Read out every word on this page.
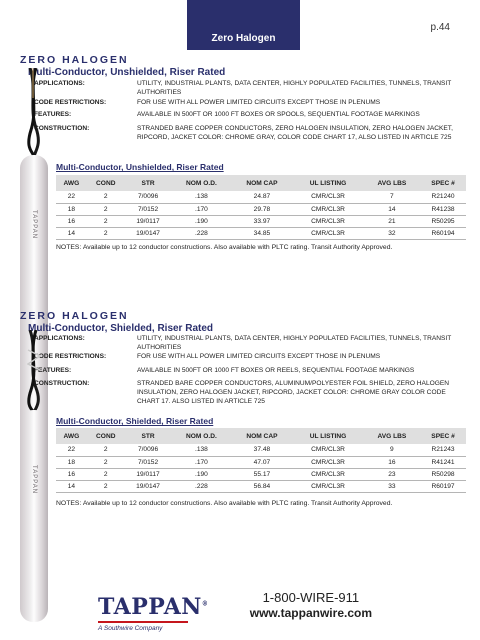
Zero Halogen
p.44
ZERO HALOGEN
Multi-Conductor, Unshielded, Riser Rated
APPLICATIONS:	UTILITY, INDUSTRIAL PLANTS, DATA CENTER, HIGHLY POPULATED FACILITIES, TUNNELS, TRANSIT AUTHORITIES
CODE RESTRICTIONS:	FOR USE WITH ALL POWER LIMITED CIRCUITS EXCEPT THOSE IN PLENUMS
FEATURES:	AVAILABLE IN 500FT OR 1000 FT BOXES OR SPOOLS, SEQUENTIAL FOOTAGE MARKINGS
CONSTRUCTION:	STRANDED BARE COPPER CONDUCTORS, ZERO HALOGEN INSULATION, ZERO HALOGEN JACKET, RIPCORD, JACKET COLOR: CHROME GRAY, COLOR CODE CHART 17, ALSO LISTED IN ARTICLE 725
TAPPAN
Multi-Conductor, Unshielded, Riser Rated
AWG	COND	STR	NOM O.D.	NOM CAP	UL LISTING	AVG LBS	SPEC #
22	2	7/0096	.138	24.87	CMR/CL3R	7	R21240
18	2	7/0152	.170	29.78	CMR/CL3R	14	R41238
16	2	19/0117	.190	33.97	CMR/CL3R	21	R50295
14	2	19/0147	.228	34.85	CMR/CL3R	32	R60194
NOTES: Available up to 12 conductor constructions. Also available with PLTC rating. Transit Authority Approved.
ZERO HALOGEN
Multi-Conductor, Shielded, Riser Rated
APPLICATIONS:	UTILITY, INDUSTRIAL PLANTS, DATA CENTER, HIGHLY POPULATED FACILITIES, TUNNELS, TRANSIT AUTHORITIES
CODE RESTRICTIONS:	FOR USE WITH ALL POWER LIMITED CIRCUITS EXCEPT THOSE IN PLENUMS
FEATURES:	AVAILABLE IN 500FT OR 1000 FT BOXES OR REELS, SEQUENTIAL FOOTAGE MARKINGS
CONSTRUCTION:	STRANDED BARE COPPER CONDUCTORS, ALUMINUM/POLYESTER FOIL SHIELD, ZERO HALOGEN INSULATION, ZERO HALOGEN JACKET, RIPCORD, JACKET COLOR: CHROME GRAY COLOR CODE CHART 17. ALSO LISTED IN ARTICLE 725
TAPPAN
Multi-Conductor, Shielded, Riser Rated
AWG	COND	STR	NOM O.D.	NOM CAP	UL LISTING	AVG LBS	SPEC #
22	2	7/0096	.138	37.48	CMR/CL3R	9	R21243
18	2	7/0152	.170	47.07	CMR/CL3R	16	R41241
16	2	19/0117	.190	55.17	CMR/CL3R	23	R50298
14	2	19/0147	.228	56.84	CMR/CL3R	33	R60197
NOTES: Available up to 12 conductor constructions. Also available with PLTC rating. Transit Authority Approved.
TAPPAN®
A Southwire Company
1-800-WIRE-911
www.tappanwire.com
